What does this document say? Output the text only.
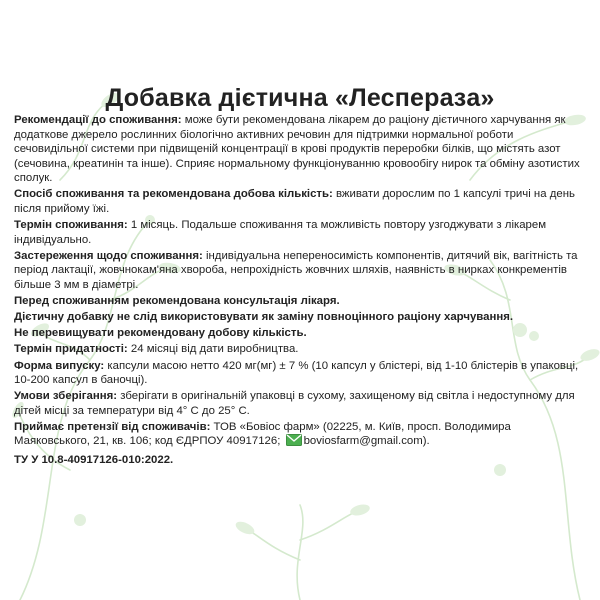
Добавка дієтична «Лесперaзa»

Рекомендації до споживання: може бути рекомендована лікарем до раціону дієтичного харчування як додаткове джерело рослинних біологічно активних речовин для підтримки нормальної роботи сечовидільної системи при підвищеній концентрації в крові продуктів переробки білків, що містять азот (сечовина, креатинін та інше). Сприяє нормальному функціонуванню кровообігу нирок та обміну азотистих сполук.

Спосіб споживання та рекомендована добова кількість: вживати дорослим по 1 капсулі тричі на день після прийому їжі.

Термін споживання: 1 місяць. Подальше споживання та можливість повтору узгоджувати з лікарем індивідуально.

Застереження щодо споживання: індивідуальна непереносимість компонентів, дитячий вік, вагітність та період лактації, жовчнокам'яна хвороба, непрохідність жовчних шляхів, наявність в нирках конкрементів більше 3 мм в діаметрі.

Перед споживанням рекомендована консультація лікаря.

Дієтичну добавку не слід використовувати як заміну повноцінного раціону харчування.

Не перевищувати рекомендовану добову кількість.

Термін придатності: 24 місяці від дати виробництва.

Форма випуску: капсули масою нетто 420 мг(мг) ± 7 % (10 капсул у блістері, від 1-10 блістерів в упаковці, 10-200 капсул в баночці).

Умови зберігання: зберігати в оригінальній упаковці в сухому, захищеному від світла і недоступному для дітей місці за температури від 4° С до 25° С.

Приймає претензії від споживачів: ТОВ «Бовіос фарм» (02225, м. Київ, просп. Володимира Маяковського, 21, кв. 106; код ЄДРПОУ 40917126; boviosfarm@gmail.com).

ТУ У 10.8-40917126-010:2022.
